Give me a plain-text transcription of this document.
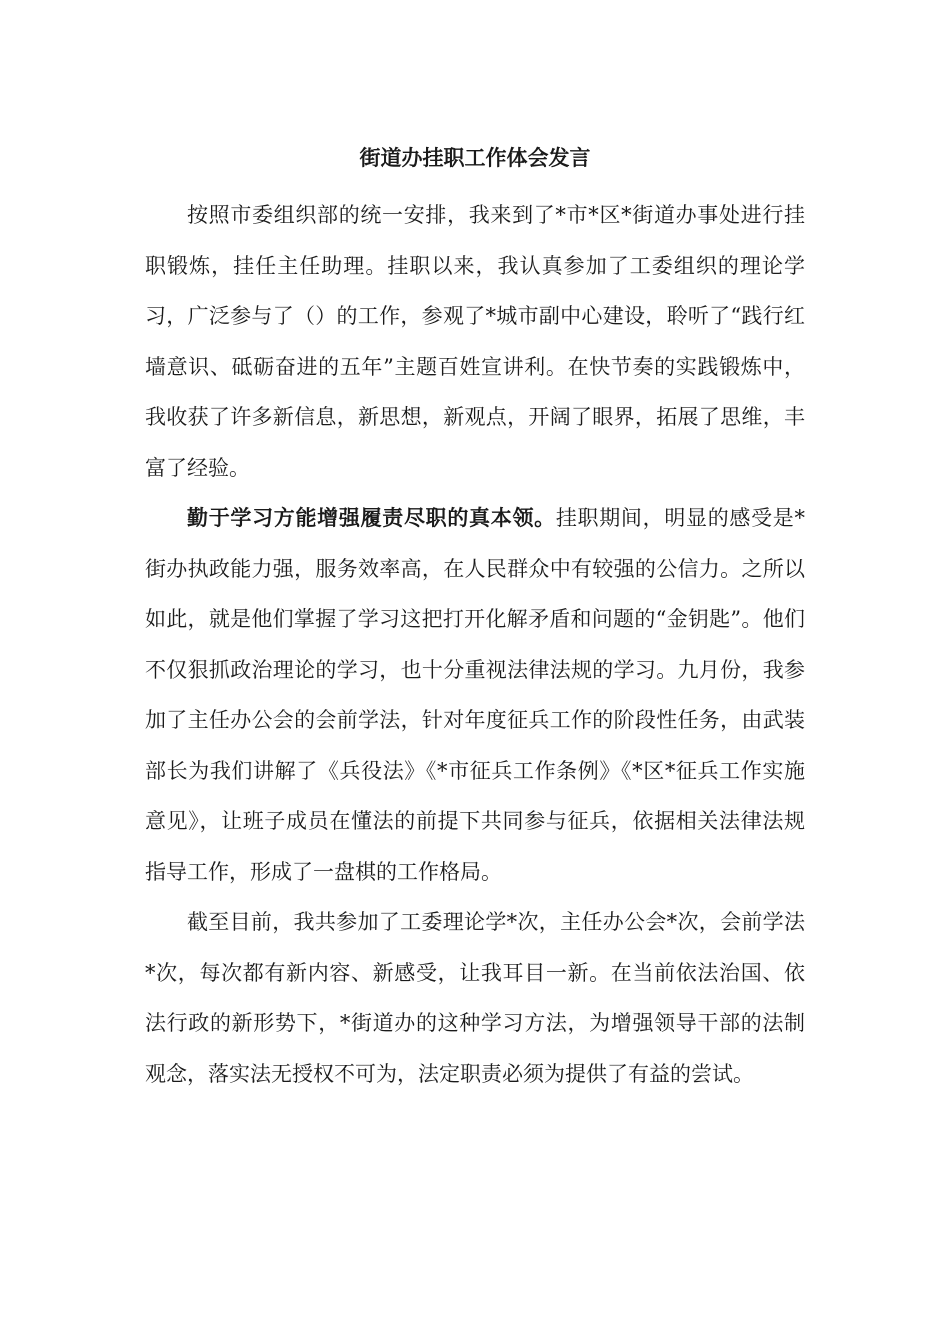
街道办挂职工作体会发言

按照市委组织部的统一安排，我来到了*市*区*街道办事处进行挂职锻炼，挂任主任助理。挂职以来，我认真参加了工委组织的理论学习，广泛参与了（）的工作，参观了*城市副中心建设，聆听了“践行红墙意识、砥砺奋进的五年”主题百姓宣讲利。在快节奏的实践锻炼中，我收获了许多新信息，新思想，新观点，开阔了眼界，拓展了思维，丰富了经验。

勤于学习方能增强履责尽职的真本领。挂职期间，明显的感受是*街办执政能力强，服务效率高，在人民群众中有较强的公信力。之所以如此，就是他们掌握了学习这把打开化解矛盾和问题的“金钥匙”。他们不仅狠抓政治理论的学习，也十分重视法律法规的学习。九月份，我参加了主任办公会的会前学法，针对年度征兵工作的阶段性任务，由武装部长为我们讲解了《兵役法》《*市征兵工作条例》《*区*征兵工作实施意见》，让班子成员在懂法的前提下共同参与征兵，依据相关法律法规指导工作，形成了一盘棋的工作格局。

截至目前，我共参加了工委理论学*次，主任办公会*次，会前学法*次，每次都有新内容、新感受，让我耳目一新。在当前依法治国、依法行政的新形势下，*街道办的这种学习方法，为增强领导干部的法制观念，落实法无授权不可为，法定职责必须为提供了有益的尝试。
